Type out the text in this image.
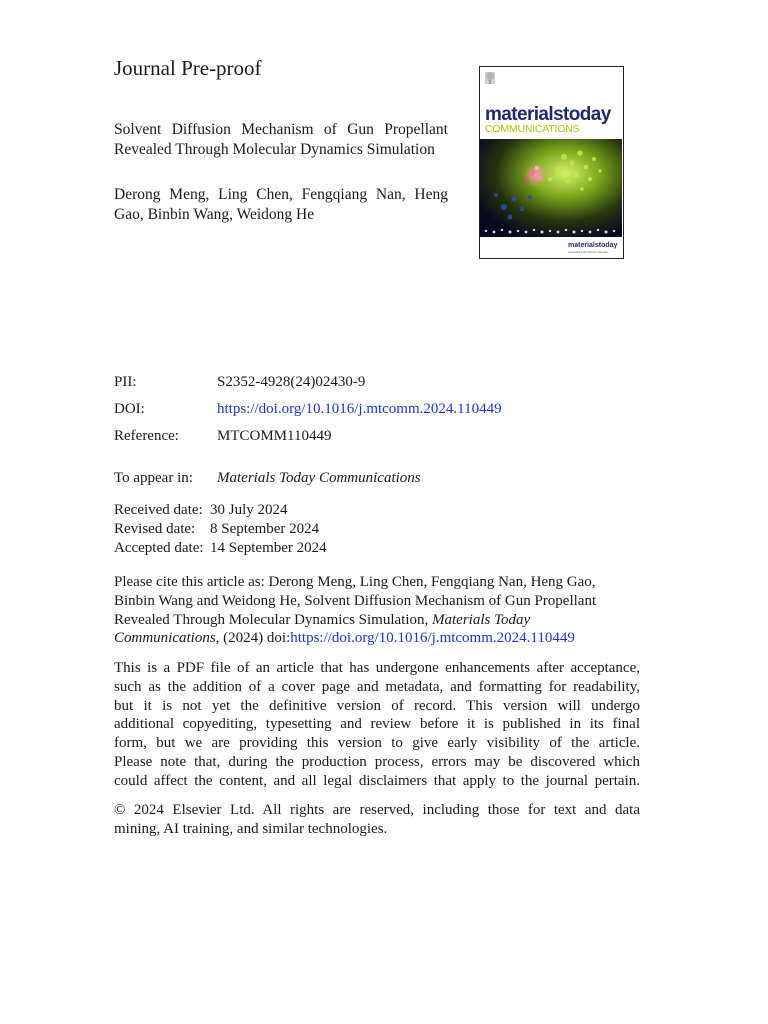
Journal Pre-proof
Solvent Diffusion Mechanism of Gun Propellant Revealed Through Molecular Dynamics Simulation
Derong Meng, Ling Chen, Fengqiang Nan, Heng Gao, Binbin Wang, Weidong He
materialstoday
COMMUNICATIONS
materialstoday
Accelerating the world of materials
PII:	S2352-4928(24)02430-9
DOI:	https://doi.org/10.1016/j.mtcomm.2024.110449
Reference:	MTCOMM110449
To appear in: Materials Today Communications
Received date: 30 July 2024
Revised date: 8 September 2024
Accepted date: 14 September 2024
Please cite this article as: Derong Meng, Ling Chen, Fengqiang Nan, Heng Gao,
Binbin Wang and Weidong He, Solvent Diffusion Mechanism of Gun Propellant
Revealed Through Molecular Dynamics Simulation, Materials Today
Communications, (2024) doi:https://doi.org/10.1016/j.mtcomm.2024.110449
This is a PDF file of an article that has undergone enhancements after acceptance,
such as the addition of a cover page and metadata, and formatting for readability,
but it is not yet the definitive version of record. This version will undergo
additional copyediting, typesetting and review before it is published in its final
form, but we are providing this version to give early visibility of the article.
Please note that, during the production process, errors may be discovered which
could affect the content, and all legal disclaimers that apply to the journal pertain.
© 2024 Elsevier Ltd. All rights are reserved, including those for text and data
mining, AI training, and similar technologies.
